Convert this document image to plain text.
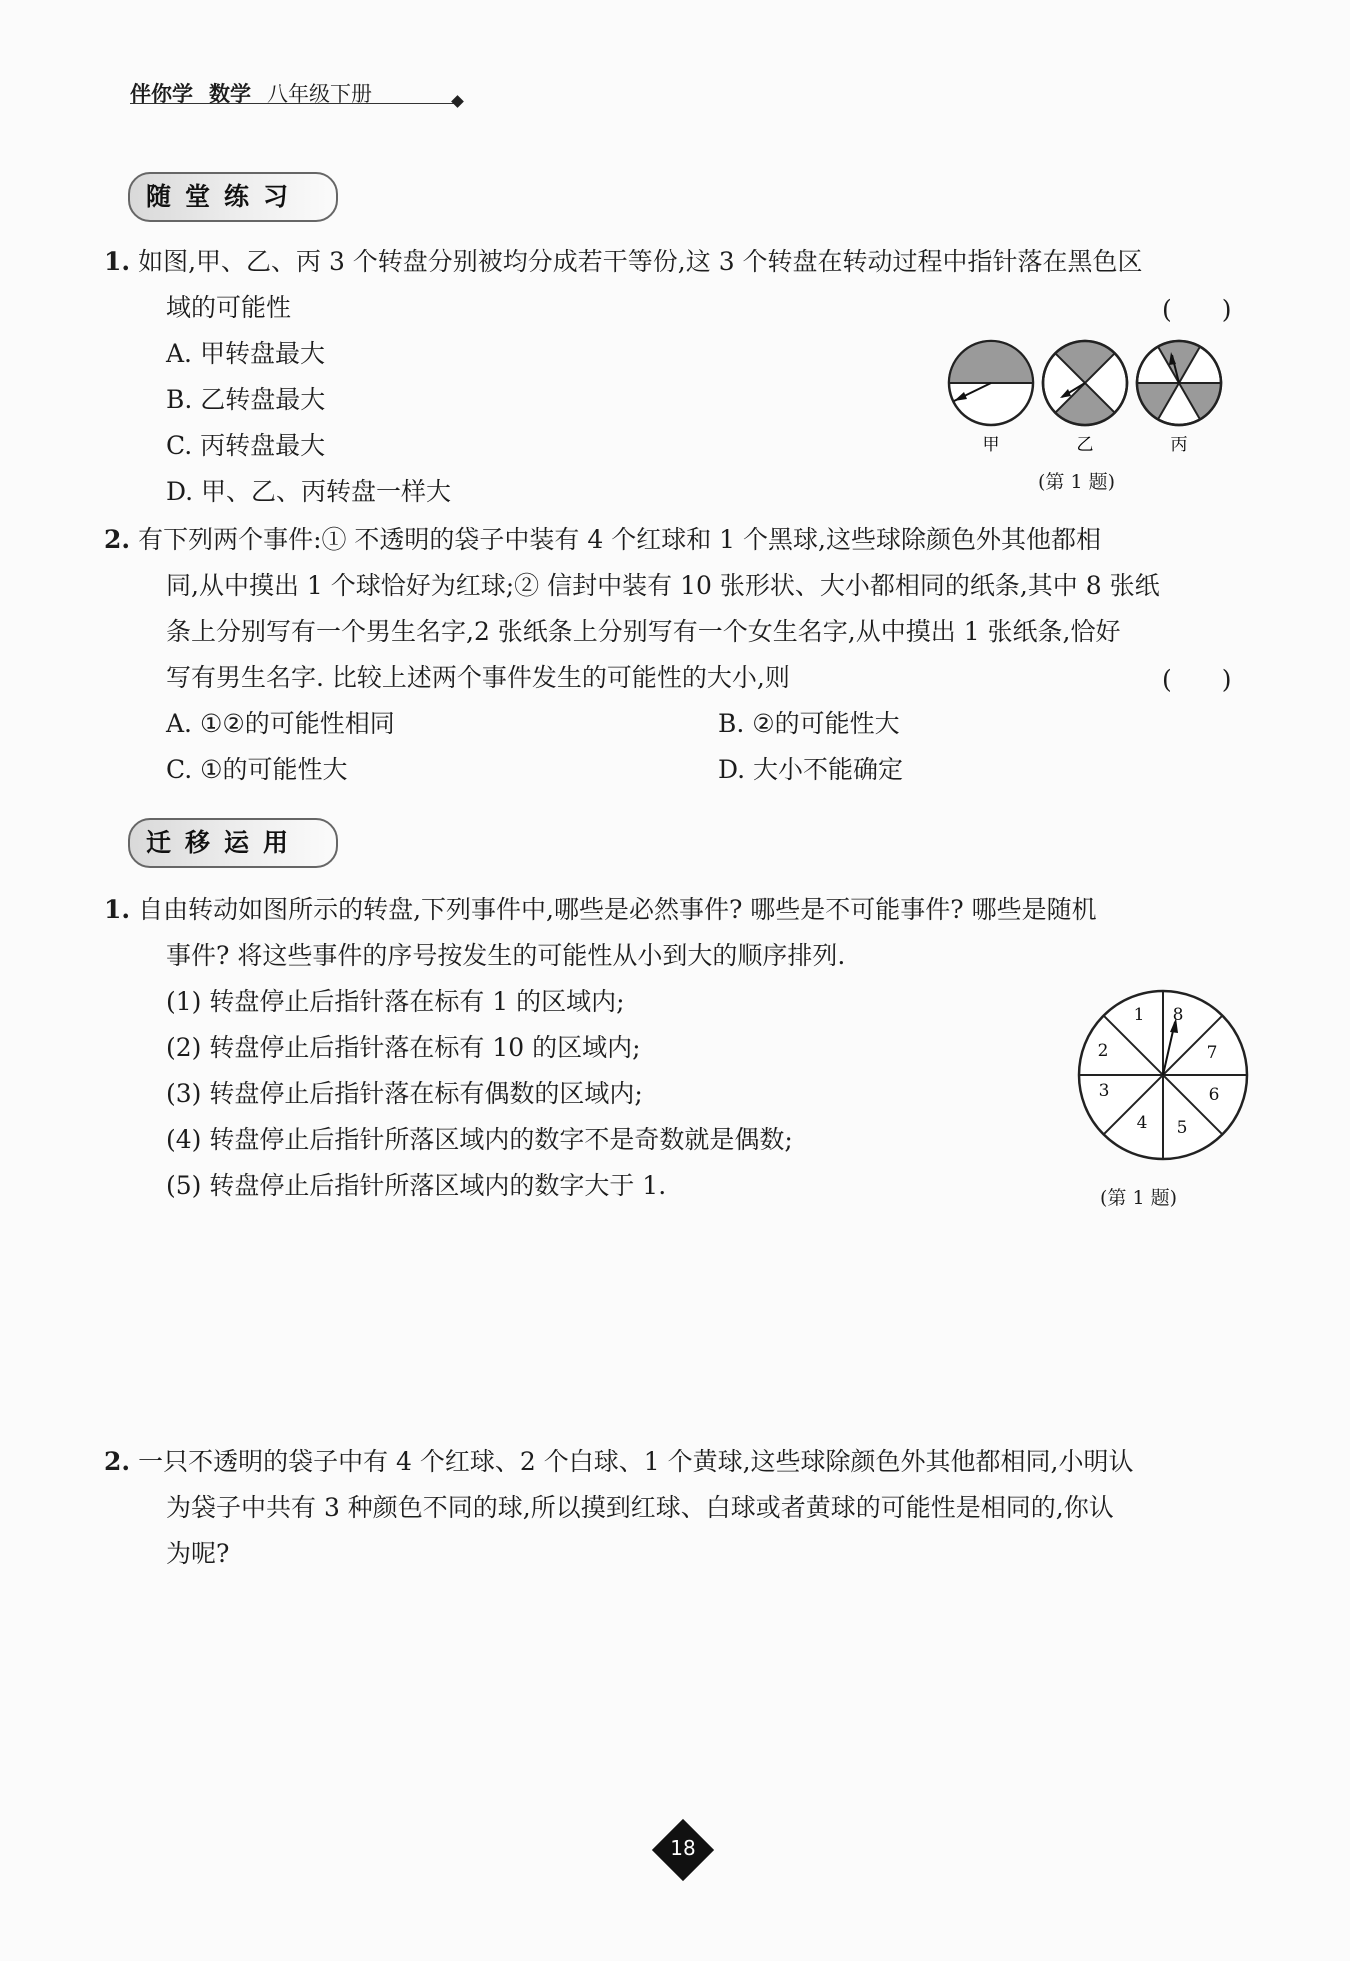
伴你学 数学 八年级下册
随堂练习
1. 如图,甲、乙、丙 3 个转盘分别被均分成若干等份,这 3 个转盘在转动过程中指针落在黑色区
域的可能性	(　　)
A. 甲转盘最大
B. 乙转盘最大
C. 丙转盘最大
D. 甲、乙、丙转盘一样大
甲	乙	丙
(第 1 题)
2. 有下列两个事件:① 不透明的袋子中装有 4 个红球和 1 个黑球,这些球除颜色外其他都相
同,从中摸出 1 个球恰好为红球;② 信封中装有 10 张形状、大小都相同的纸条,其中 8 张纸
条上分别写有一个男生名字,2 张纸条上分别写有一个女生名字,从中摸出 1 张纸条,恰好
写有男生名字. 比较上述两个事件发生的可能性的大小,则	(　　)
A. ①②的可能性相同	B. ②的可能性大
C. ①的可能性大	D. 大小不能确定
迁移运用
1. 自由转动如图所示的转盘,下列事件中,哪些是必然事件? 哪些是不可能事件? 哪些是随机
事件? 将这些事件的序号按发生的可能性从小到大的顺序排列.
(1) 转盘停止后指针落在标有 1 的区域内;
(2) 转盘停止后指针落在标有 10 的区域内;
(3) 转盘停止后指针落在标有偶数的区域内;
(4) 转盘停止后指针所落区域内的数字不是奇数就是偶数;
(5) 转盘停止后指针所落区域内的数字大于 1.
1 8
7
6
5
4
3
2
(第 1 题)
2. 一只不透明的袋子中有 4 个红球、2 个白球、1 个黄球,这些球除颜色外其他都相同,小明认
为袋子中共有 3 种颜色不同的球,所以摸到红球、白球或者黄球的可能性是相同的,你认
为呢?
18
